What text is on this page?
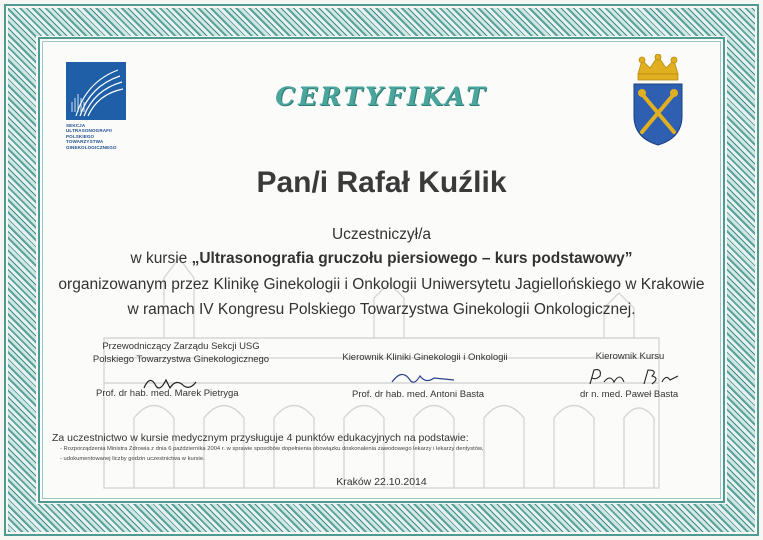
SEKCJA ULTRASONOGRAFII POLSKIEGO TOWARZYSTWA GINEKOLOGICZNEGO
CERTYFIKAT
Pan/i Rafał Kuźlik
Uczestniczył/a
w kursie „Ultrasonografia gruczołu piersiowego – kurs podstawowy”
organizowanym przez Klinikę Ginekologii i Onkologii Uniwersytetu Jagiellońskiego w Krakowie
w ramach IV Kongresu Polskiego Towarzystwa Ginekologii Onkologicznej.
Przewodniczący Zarządu Sekcji USG
Polskiego Towarzystwa Ginekologicznego	Kierownik Kliniki Ginekologii i Onkologii	Kierownik Kursu
Prof. dr hab. med. Marek Pietryga	Prof. dr hab. med. Antoni Basta	dr n. med. Paweł Basta
Za uczestnictwo w kursie medycznym przysługuje 4 punktów edukacyjnych na podstawie:
- Rozporządzenia Ministra Zdrowia z dnia 6 października 2004 r. w sprawie sposobów dopełnienia obowiązku doskonalenia zawodowego lekarzy i lekarzy dentystów,
- udokumentowanej liczby godzin uczestnictwa w kursie.
Kraków 22.10.2014
